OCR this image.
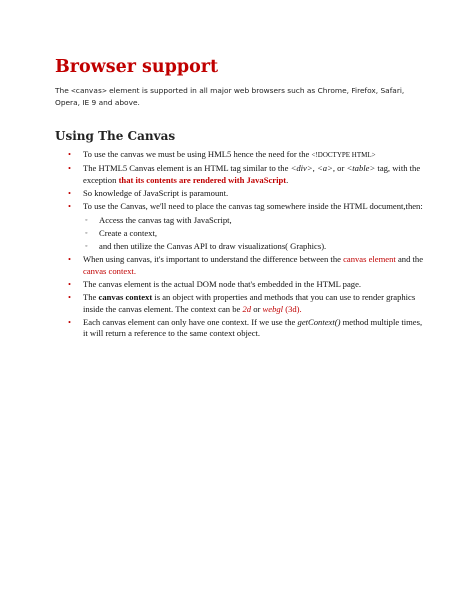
Browser support

The <canvas> element is supported in all major web browsers such as Chrome, Firefox, Safari, Opera, IE 9 and above.

Using The Canvas
• To use the canvas we must be using HML5 hence the need for the <!DOCTYPE HTML>
• The HTML5 Canvas element is an HTML tag similar to the <div>, <a>, or <table> tag, with the exception that its contents are rendered with JavaScript.
• So knowledge of JavaScript is paramount.
• To use the Canvas, we'll need to place the canvas tag somewhere inside the HTML document,then:
◦ Access the canvas tag with JavaScript,
◦ Create a context,
◦ and then utilize the Canvas API to draw visualizations( Graphics).
• When using canvas, it's important to understand the difference between the canvas element and the canvas context.
• The canvas element is the actual DOM node that's embedded in the HTML page.
• The canvas context is an object with properties and methods that you can use to render graphics inside the canvas element. The context can be 2d or webgl (3d).
• Each canvas element can only have one context. If we use the getContext() method multiple times, it will return a reference to the same context object.
